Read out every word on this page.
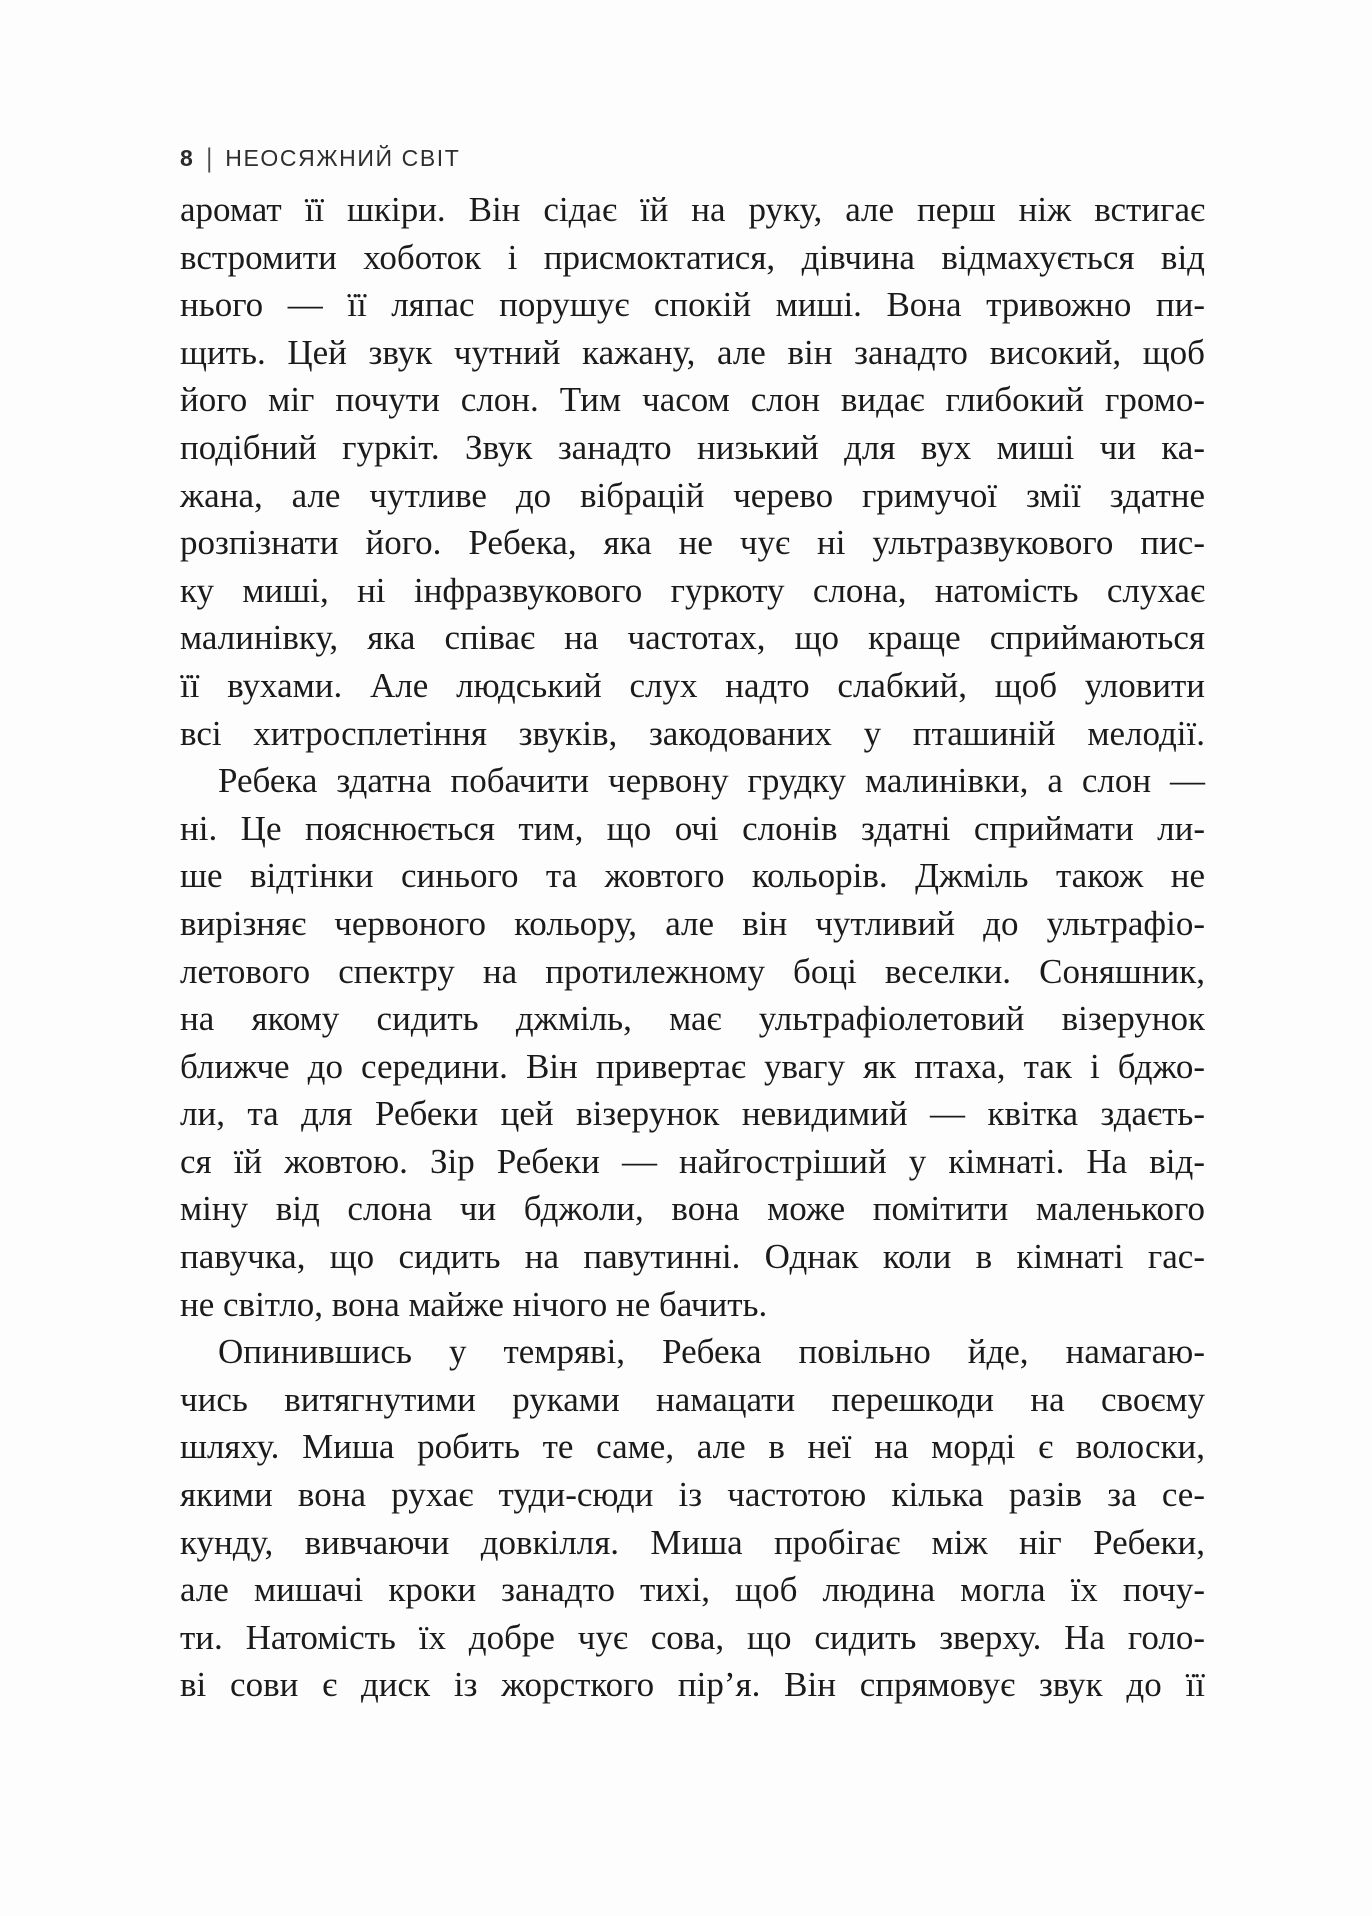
8 | НЕОСЯЖНИЙ СВІТ
аромат її шкіри. Він сідає їй на руку, але перш ніж встигає
встромити хоботок і присмоктатися, дівчина відмахується від
нього — її ляпас порушує спокій миші. Вона тривожно пи-
щить. Цей звук чутний кажану, але він занадто високий, щоб
його міг почути слон. Тим часом слон видає глибокий громо-
подібний гуркіт. Звук занадто низький для вух миші чи ка-
жана, але чутливе до вібрацій черево гримучої змії здатне
розпізнати його. Ребека, яка не чує ні ультразвукового пис-
ку миші, ні інфразвукового гуркоту слона, натомість слухає
малинівку, яка співає на частотах, що краще сприймаються
її вухами. Але людський слух надто слабкий, щоб уловити
всі хитросплетіння звуків, закодованих у пташиній мелодії.
Ребека здатна побачити червону грудку малинівки, а слон —
ні. Це пояснюється тим, що очі слонів здатні сприймати ли-
ше відтінки синього та жовтого кольорів. Джміль також не
вирізняє червоного кольору, але він чутливий до ультрафіо-
летового спектру на протилежному боці веселки. Соняшник,
на якому сидить джміль, має ультрафіолетовий візерунок
ближче до середини. Він привертає увагу як птаха, так і бджо-
ли, та для Ребеки цей візерунок невидимий — квітка здаєть-
ся їй жовтою. Зір Ребеки — найгостріший у кімнаті. На від-
міну від слона чи бджоли, вона може помітити маленького
павучка, що сидить на павутинні. Однак коли в кімнаті гас-
не світло, вона майже нічого не бачить.
Опинившись у темряві, Ребека повільно йде, намагаю-
чись витягнутими руками намацати перешкоди на своєму
шляху. Миша робить те саме, але в неї на морді є волоски,
якими вона рухає туди-сюди із частотою кілька разів за се-
кунду, вивчаючи довкілля. Миша пробігає між ніг Ребеки,
але мишачі кроки занадто тихі, щоб людина могла їх почу-
ти. Натомість їх добре чує сова, що сидить зверху. На голо-
ві сови є диск із жорсткого пір’я. Він спрямовує звук до її
